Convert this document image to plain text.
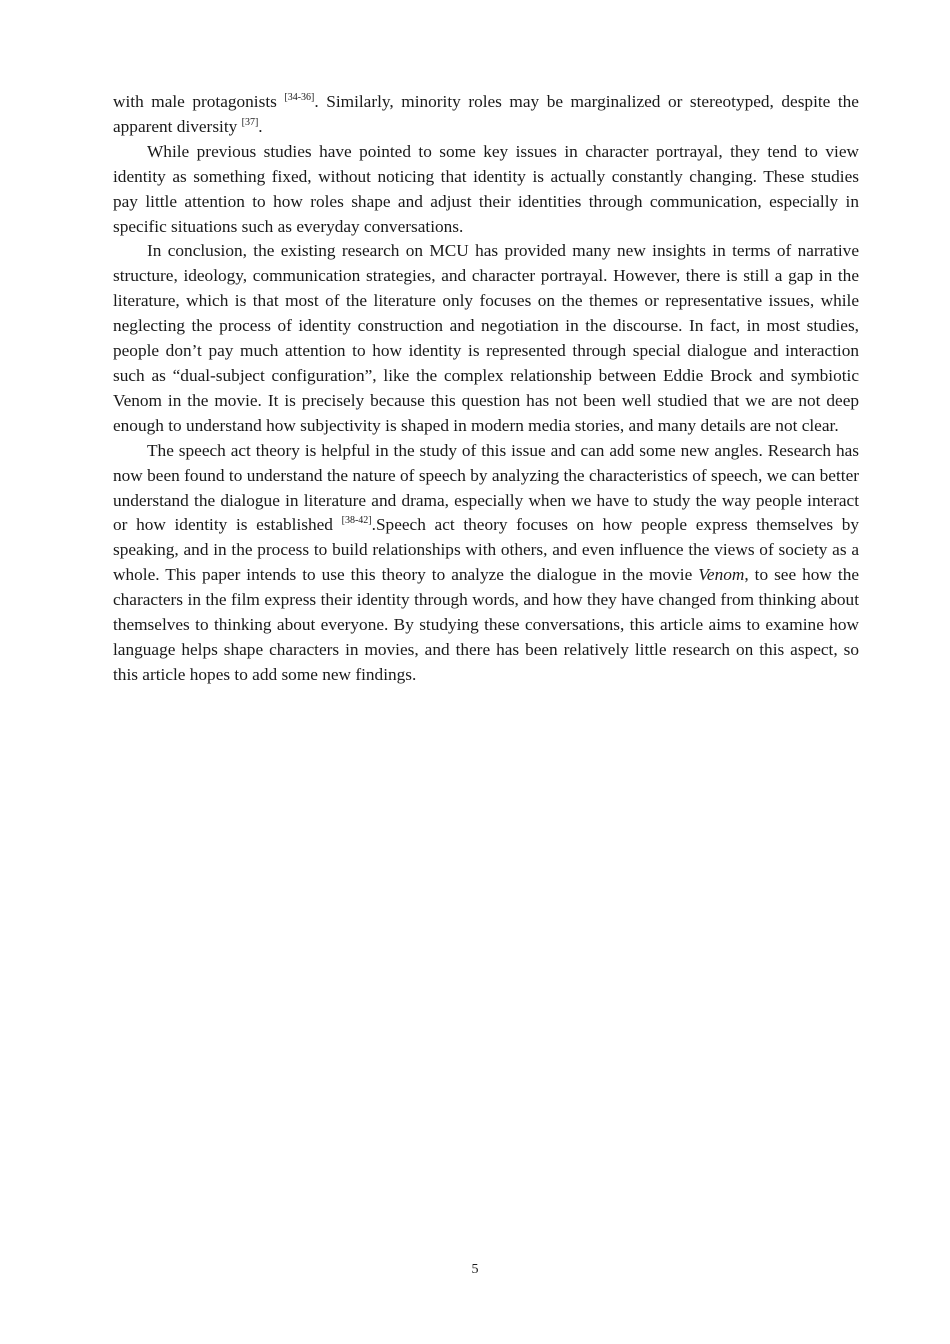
with male protagonists [34-36]. Similarly, minority roles may be marginalized or stereotyped, despite the apparent diversity [37].

While previous studies have pointed to some key issues in character portrayal, they tend to view identity as something fixed, without noticing that identity is actually constantly changing. These studies pay little attention to how roles shape and adjust their identities through communication, especially in specific situations such as everyday conversations.

In conclusion, the existing research on MCU has provided many new insights in terms of narrative structure, ideology, communication strategies, and character portrayal. However, there is still a gap in the literature, which is that most of the literature only focuses on the themes or representative issues, while neglecting the process of identity construction and negotiation in the discourse. In fact, in most studies, people don’t pay much attention to how identity is represented through special dialogue and interaction such as “dual-subject configuration”, like the complex relationship between Eddie Brock and symbiotic Venom in the movie. It is precisely because this question has not been well studied that we are not deep enough to understand how subjectivity is shaped in modern media stories, and many details are not clear.

The speech act theory is helpful in the study of this issue and can add some new angles. Research has now been found to understand the nature of speech by analyzing the characteristics of speech, we can better understand the dialogue in literature and drama, especially when we have to study the way people interact or how identity is established [38-42].Speech act theory focuses on how people express themselves by speaking, and in the process to build relationships with others, and even influence the views of society as a whole. This paper intends to use this theory to analyze the dialogue in the movie Venom, to see how the characters in the film express their identity through words, and how they have changed from thinking about themselves to thinking about everyone. By studying these conversations, this article aims to examine how language helps shape characters in movies, and there has been relatively little research on this aspect, so this article hopes to add some new findings.

5
